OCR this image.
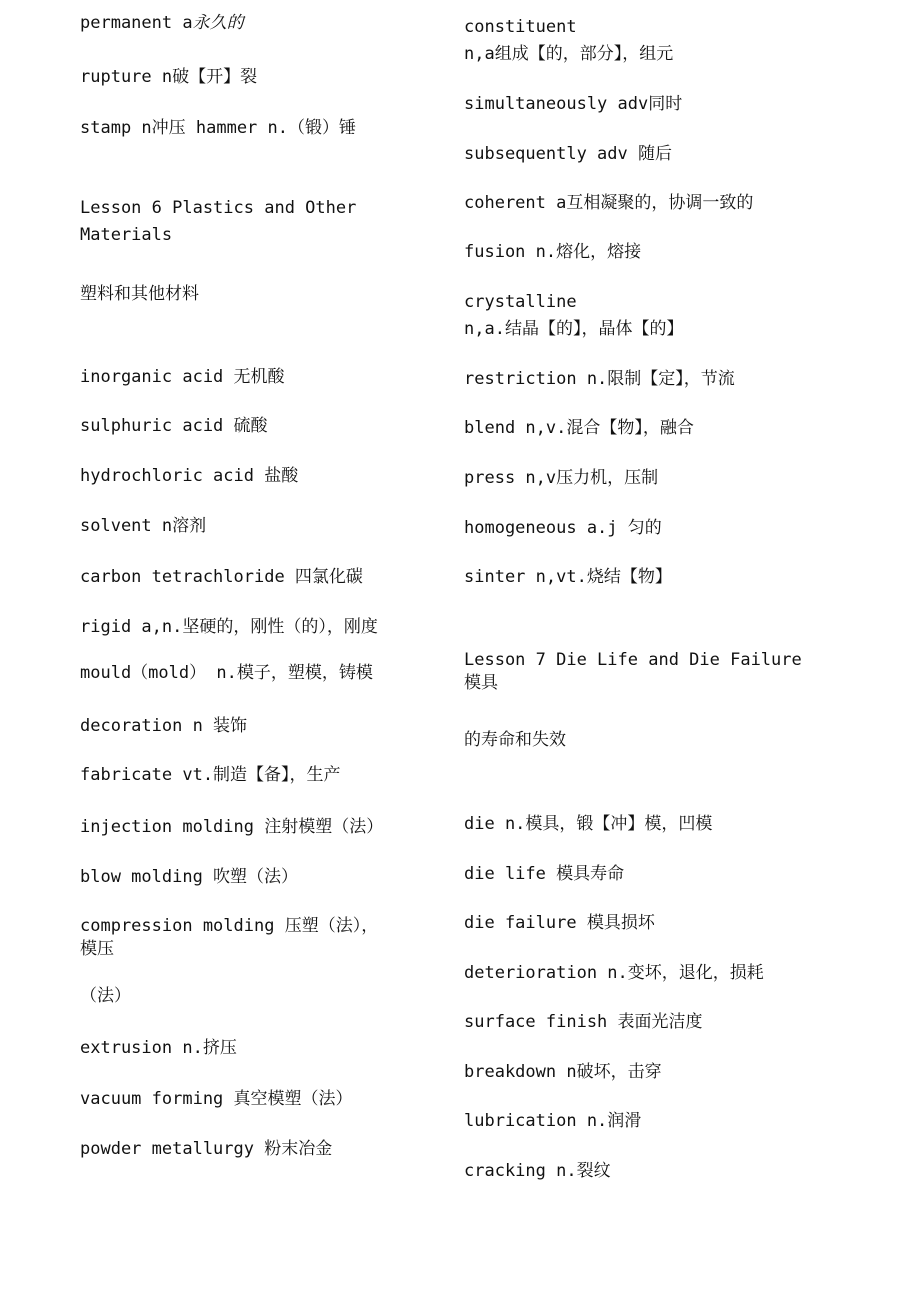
permanent a永久的
rupture n破【开】裂
stamp n冲压 hammer n.（锻）锤
Lesson 6 Plastics and Other
Materials
塑料和其他材料
inorganic acid 无机酸
sulphuric acid 硫酸
hydrochloric acid 盐酸
solvent n溶剂
carbon tetrachloride 四氯化碳
rigid a,n.坚硬的，刚性（的），刚度
mould（mold） n.模子，塑模，铸模
decoration n 装饰
fabricate vt.制造【备】，生产
injection molding 注射模塑（法）
blow molding 吹塑（法）
compression molding 压塑（法），
模压
（法）
extrusion n.挤压
vacuum forming 真空模塑（法）
powder metallurgy 粉末冶金
constituent
n,a组成【的，部分】，组元
simultaneously adv同时
subsequently adv 随后
coherent a互相凝聚的，协调一致的
fusion n.熔化，熔接
crystalline
n,a.结晶【的】，晶体【的】
restriction n.限制【定】，节流
blend n,v.混合【物】，融合
press n,v压力机，压制
homogeneous a.j 匀的
sinter n,vt.烧结【物】
Lesson 7 Die Life and Die Failure
模具
的寿命和失效
die n.模具，锻【冲】模，凹模
die life 模具寿命
die failure 模具损坏
deterioration n.变坏，退化，损耗
surface finish 表面光洁度
breakdown n破坏，击穿
lubrication n.润滑
cracking n.裂纹
